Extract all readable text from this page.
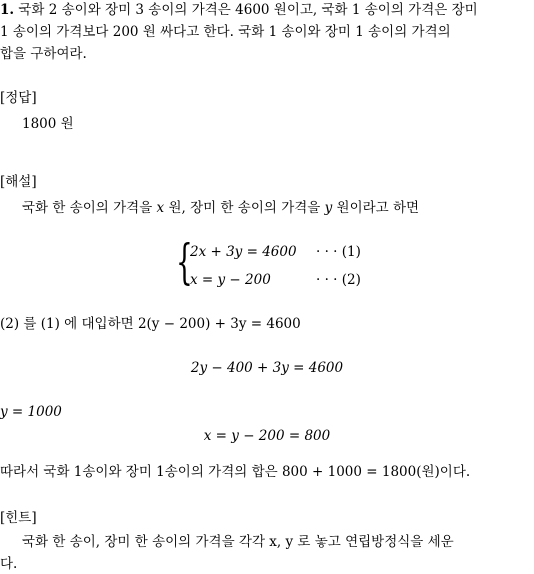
1. 국화 2 송이와 장미 3 송이의 가격은 4600 원이고, 국화 1 송이의 가격은 장미
1 송이의 가격보다 200 원 싸다고 한다. 국화 1 송이와 장미 1 송이의 가격의
합을 구하여라.
[정답]
1800 원
[해설]
국화 한 송이의 가격을 x 원, 장미 한 송이의 가격을 y 원이라고 하면
{
2x + 3y = 4600 · · · (1)
x = y − 200	· · · (2)
(2) 를 (1) 에 대입하면 2(y − 200) + 3y = 4600
2y − 400 + 3y = 4600
y = 1000
x = y − 200 = 800
따라서 국화 1송이와 장미 1송이의 가격의 합은 800 + 1000 = 1800(원)이다.
[힌트]
국화 한 송이, 장미 한 송이의 가격을 각각 x, y 로 놓고 연립방정식을 세운
다.
